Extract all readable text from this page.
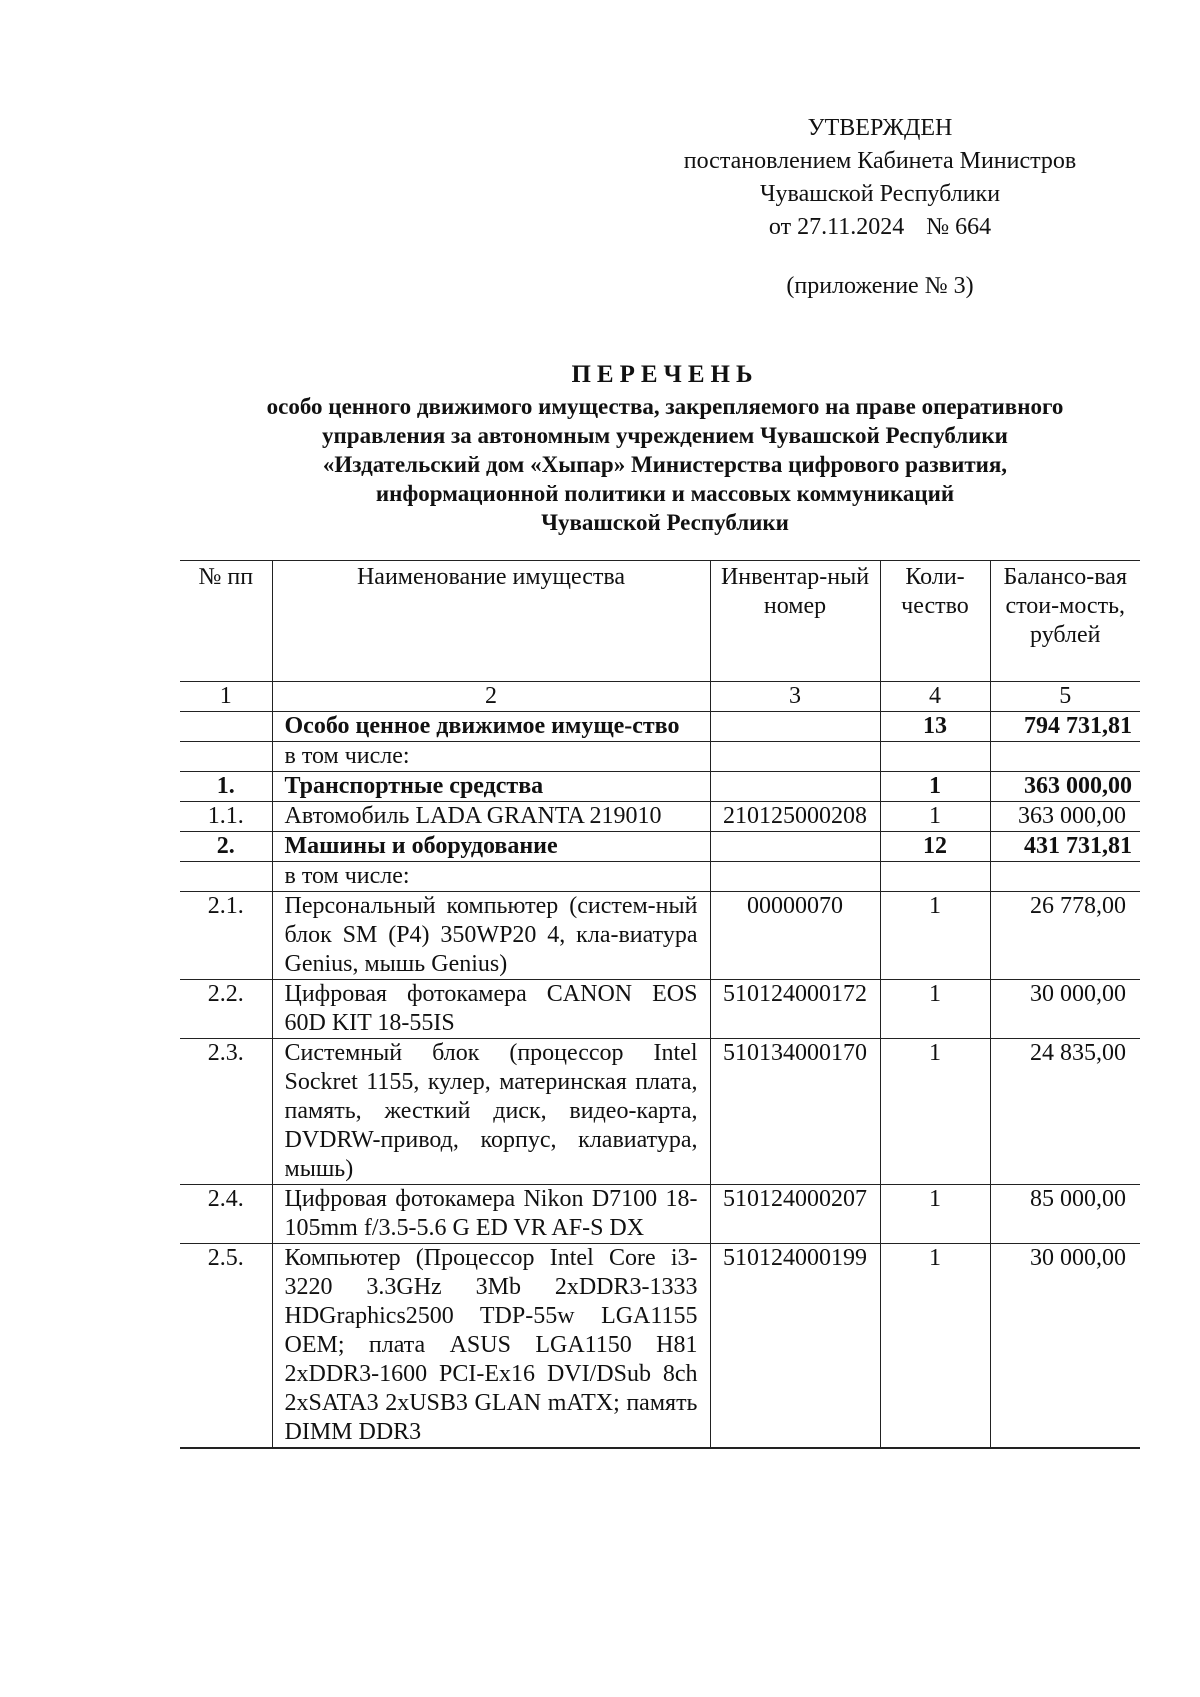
УТВЕРЖДЕН
постановлением Кабинета Министров
Чувашской Республики
от 27.11.2024 № 664
(приложение № 3)
ПЕРЕЧЕНЬ
особо ценного движимого имущества, закрепляемого на праве оперативного
управления за автономным учреждением Чувашской Республики
«Издательский дом «Хыпар» Министерства цифрового развития,
информационной политики и массовых коммуникаций
Чувашской Республики
№ пп	Наименование имущества	Инвентар-ный номер	Коли-чество	Балансо-вая стои-мость, рублей
1	2	3	4	5
	Особо ценное движимое имуще-ство		13	794 731,81
	в том числе:			
1.	Транспортные средства		1	363 000,00
1.1.	Автомобиль LADA GRANTA 219010	210125000208	1	363 000,00
2.	Машины и оборудование		12	431 731,81
	в том числе:			
2.1.	Персональный компьютер (систем-ный блок SM (P4) 350WP20 4, кла-виатура Genius, мышь Genius)	00000070	1	26 778,00
2.2.	Цифровая фотокамера CANON EOS 60D KIT 18-55IS	510124000172	1	30 000,00
2.3.	Системный блок (процессор Intel Sockret 1155, кулер, материнская плата, память, жесткий диск, видео-карта, DVDRW-привод, корпус, клавиатура, мышь)	510134000170	1	24 835,00
2.4.	Цифровая фотокамера Nikon D7100 18-105mm f/3.5-5.6 G ED VR AF-S DX	510124000207	1	85 000,00
2.5.	Компьютер (Процессор Intel Core i3-3220 3.3GHz 3Mb 2xDDR3-1333 HDGraphics2500 TDP-55w LGA1155 OEM; плата ASUS LGA1150 H81 2xDDR3-1600 PCI-Ex16 DVI/DSub 8ch 2xSATA3 2xUSB3 GLAN mATX; память DIMM DDR3	510124000199	1	30 000,00
